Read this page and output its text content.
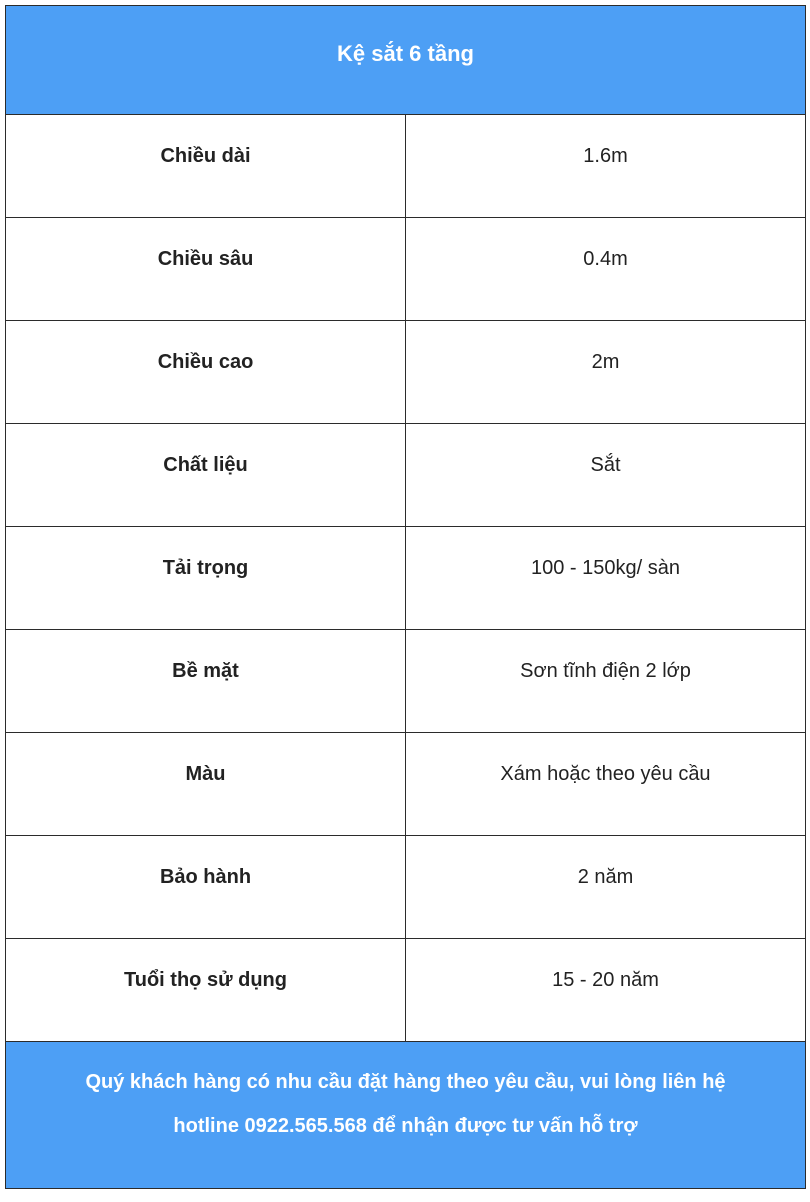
Kệ sắt 6 tầng	
Chiều dài	1.6m
Chiều sâu	0.4m
Chiều cao	2m
Chất liệu	Sắt
Tải trọng	100 - 150kg/ sàn
Bề mặt	Sơn tĩnh điện 2 lớp
Màu	Xám hoặc theo yêu cầu
Bảo hành	2 năm
Tuổi thọ sử dụng	15 - 20 năm

Quý khách hàng có nhu cầu đặt hàng theo yêu cầu, vui lòng liên hệ
hotline 0922.565.568 để nhận được tư vấn hỗ trợ	
